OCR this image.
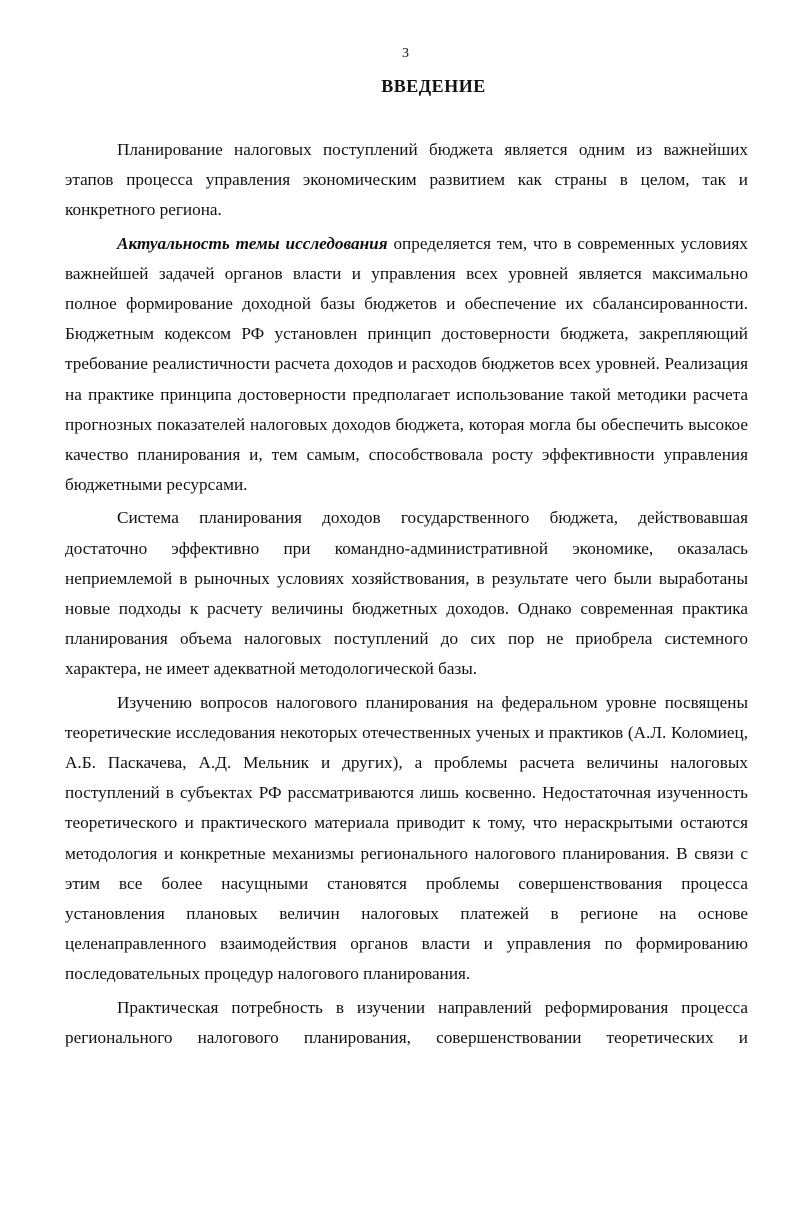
3
ВВЕДЕНИЕ

Планирование налоговых поступлений бюджета является одним из важнейших этапов процесса управления экономическим развитием как страны в целом, так и конкретного региона.

Актуальность темы исследования определяется тем, что в современных условиях важнейшей задачей органов власти и управления всех уровней является максимально полное формирование доходной базы бюджетов и обеспечение их сбалансированности. Бюджетным кодексом РФ установлен принцип достоверности бюджета, закрепляющий требование реалистичности расчета доходов и расходов бюджетов всех уровней. Реализация на практике принципа достоверности предполагает использование такой методики расчета прогнозных показателей налоговых доходов бюджета, которая могла бы обеспечить высокое качество планирования и, тем самым, способствовала росту эффективности управления бюджетными ресурсами.

Система планирования доходов государственного бюджета, действовавшая достаточно эффективно при командно-административной экономике, оказалась неприемлемой в рыночных условиях хозяйствования, в результате чего были выработаны новые подходы к расчету величины бюджетных доходов. Однако современная практика планирования объема налоговых поступлений до сих пор не приобрела системного характера, не имеет адекватной методологической базы.

Изучению вопросов налогового планирования на федеральном уровне посвящены теоретические исследования некоторых отечественных ученых и практиков (А.Л. Коломиец, А.Б. Паскачева, А.Д. Мельник и других), а проблемы расчета величины налоговых поступлений в субъектах РФ рассматриваются лишь косвенно. Недостаточная изученность теоретического и практического материала приводит к тому, что нераскрытыми остаются методология и конкретные механизмы регионального налогового планирования. В связи с этим все более насущными становятся проблемы совершенствования процесса установления плановых величин налоговых платежей в регионе на основе целенаправленного взаимодействия органов власти и управления по формированию последовательных процедур налогового планирования.

Практическая потребность в изучении направлений реформирования процесса регионального налогового планирования, совершенствовании теоретических и
